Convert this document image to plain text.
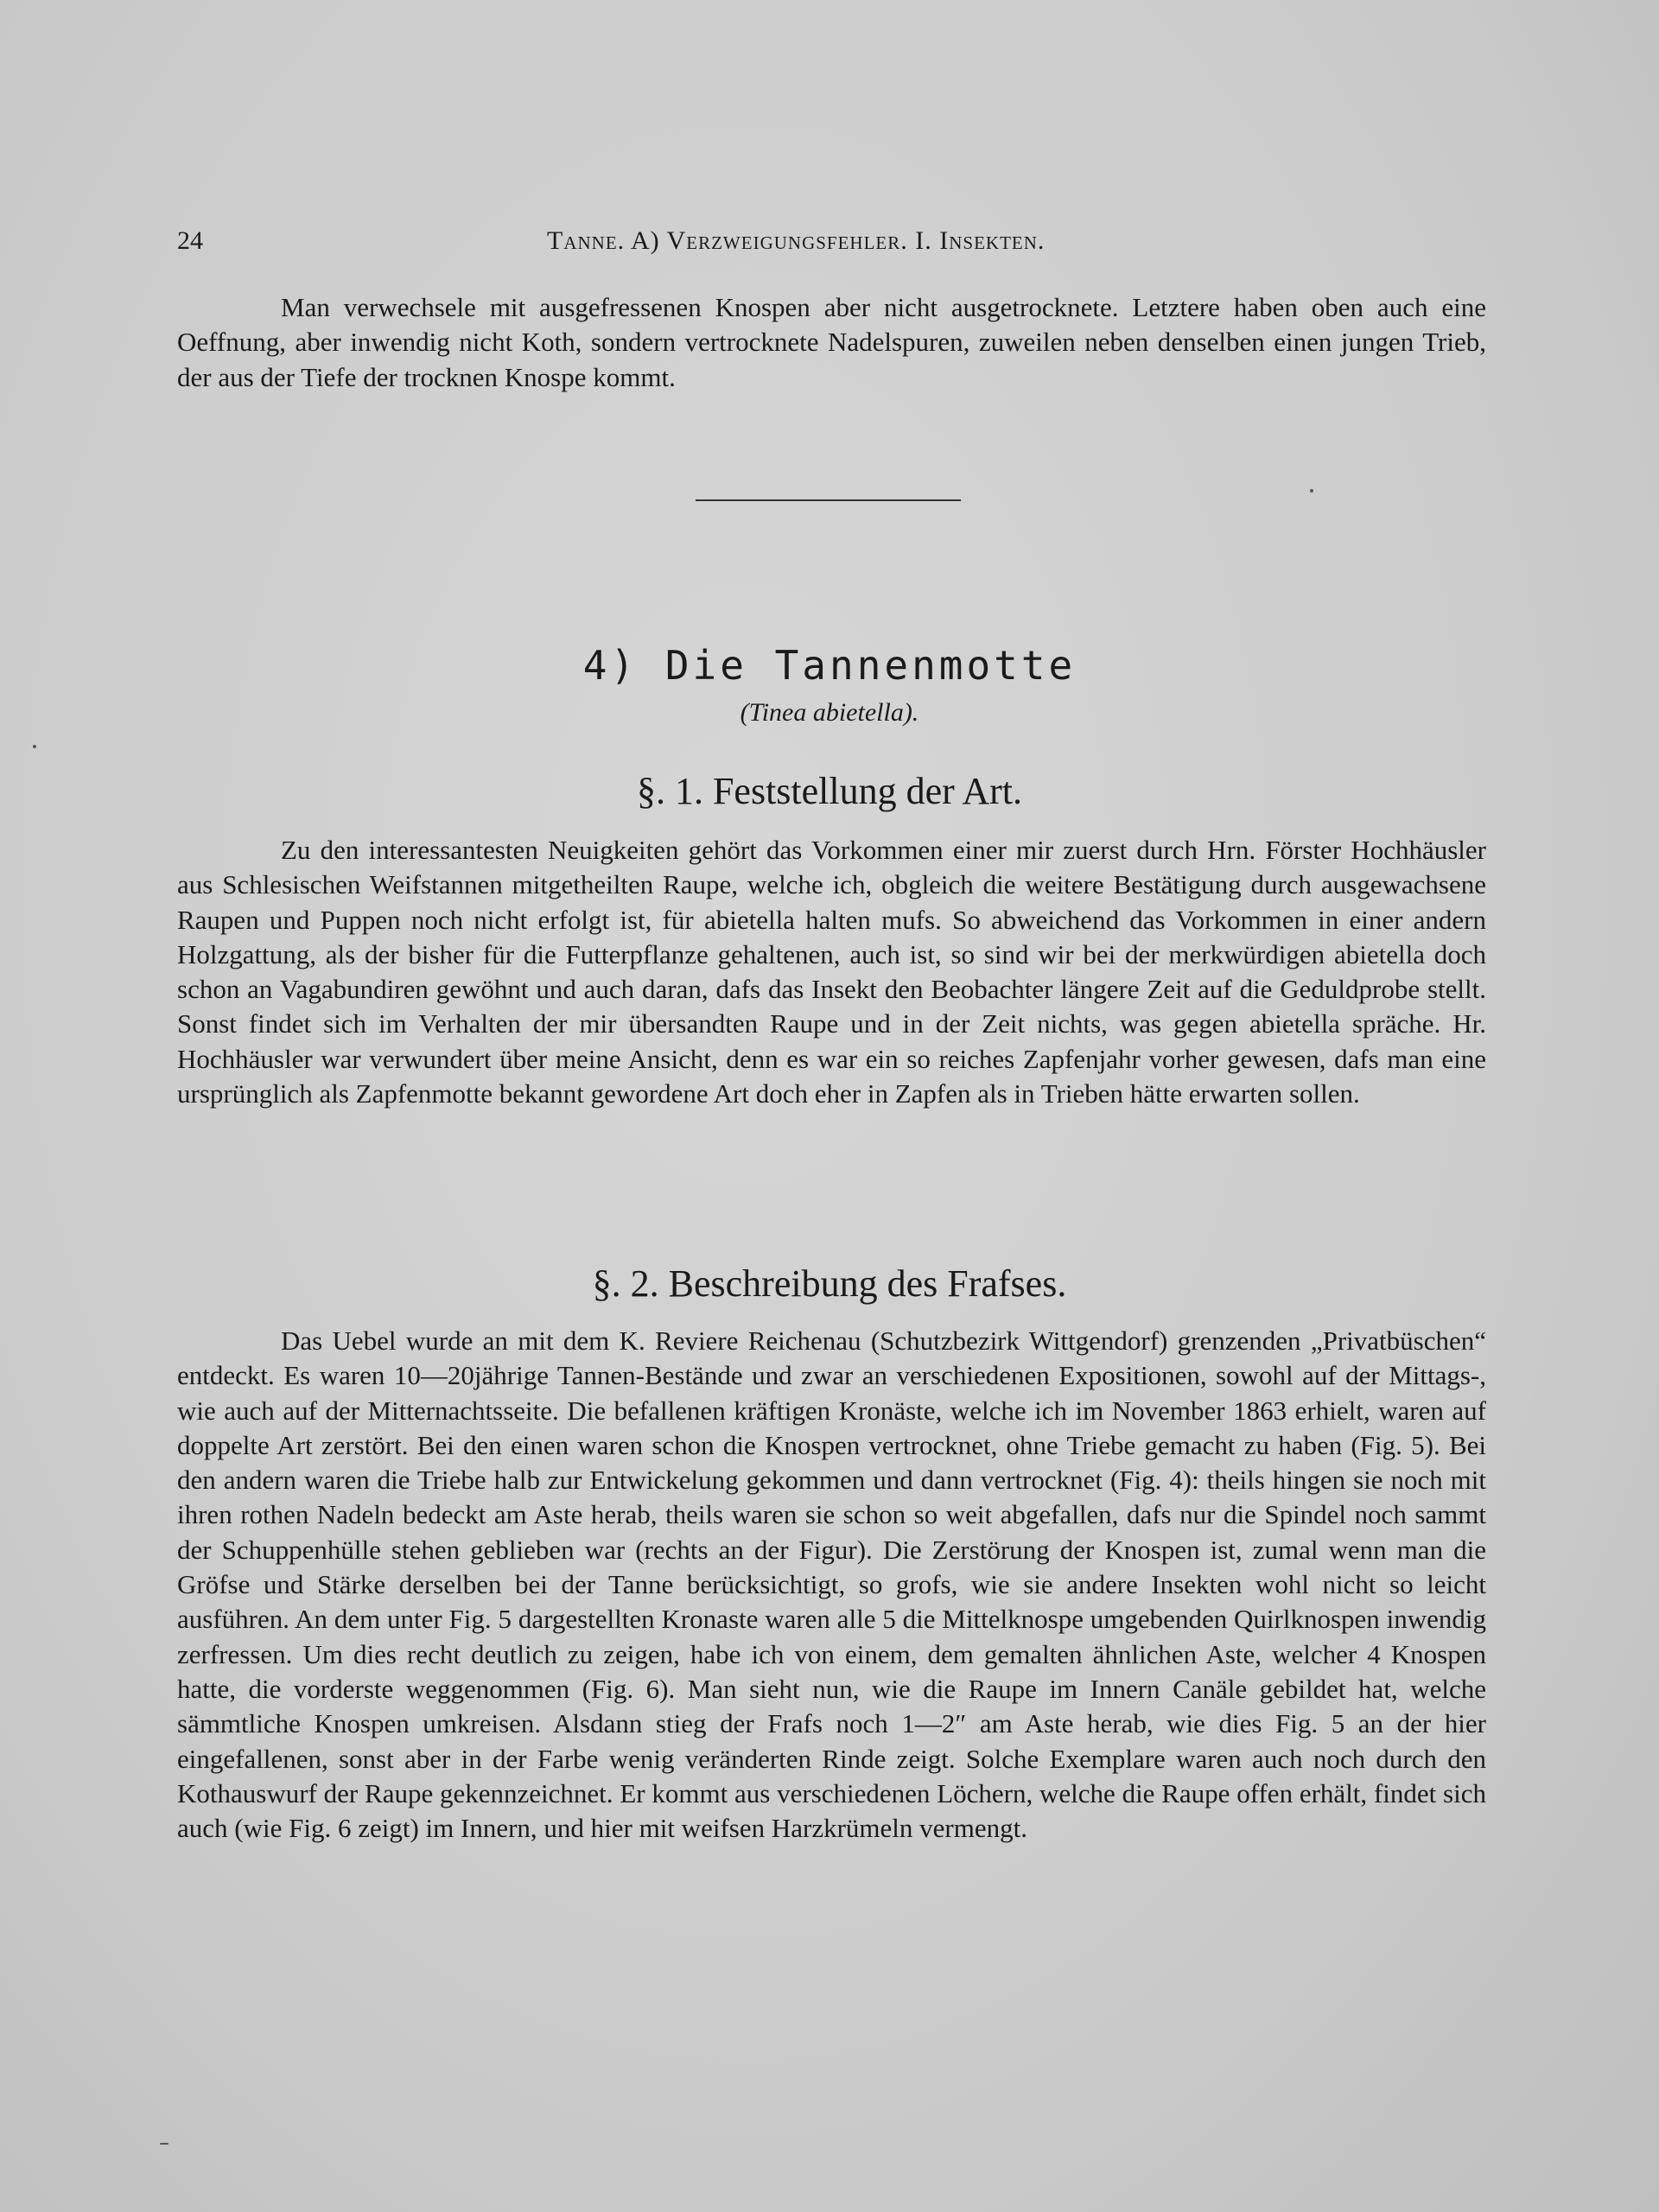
24	Tanne. A) Verzweigungsfehler. I. Insekten.

Man verwechsele mit ausgefressenen Knospen aber nicht ausgetrocknete. Letztere haben oben auch eine Oeffnung, aber inwendig nicht Koth, sondern vertrocknete Nadelspuren, zuweilen neben denselben einen jungen Trieb, der aus der Tiefe der trocknen Knospe kommt.

4) Die Tannenmotte
(Tinea abietella).
§. 1. Feststellung der Art.

Zu den interessantesten Neuigkeiten gehört das Vorkommen einer mir zuerst durch Hrn. Förster Hochhäusler aus Schlesischen Weifstannen mitgetheilten Raupe, welche ich, obgleich die weitere Bestätigung durch ausgewachsene Raupen und Puppen noch nicht erfolgt ist, für abietella halten mufs. So abweichend das Vorkommen in einer andern Holzgattung, als der bisher für die Futterpflanze gehaltenen, auch ist, so sind wir bei der merkwürdigen abietella doch schon an Vagabundiren gewöhnt und auch daran, dafs das Insekt den Beobachter längere Zeit auf die Geduldprobe stellt. Sonst findet sich im Verhalten der mir übersandten Raupe und in der Zeit nichts, was gegen abietella spräche. Hr. Hochhäusler war verwundert über meine Ansicht, denn es war ein so reiches Zapfenjahr vorher gewesen, dafs man eine ursprünglich als Zapfenmotte bekannt gewordene Art doch eher in Zapfen als in Trieben hätte erwarten sollen.

§. 2. Beschreibung des Frafses.

Das Uebel wurde an mit dem K. Reviere Reichenau (Schutzbezirk Wittgendorf) grenzenden „Privatbüschen“ entdeckt. Es waren 10—20jährige Tannen-Bestände und zwar an verschiedenen Expositionen, sowohl auf der Mittags-, wie auch auf der Mitternachtsseite. Die befallenen kräftigen Kronäste, welche ich im November 1863 erhielt, waren auf doppelte Art zerstört. Bei den einen waren schon die Knospen vertrocknet, ohne Triebe gemacht zu haben (Fig. 5). Bei den andern waren die Triebe halb zur Entwickelung gekommen und dann vertrocknet (Fig. 4): theils hingen sie noch mit ihren rothen Nadeln bedeckt am Aste herab, theils waren sie schon so weit abgefallen, dafs nur die Spindel noch sammt der Schuppenhülle stehen geblieben war (rechts an der Figur). Die Zerstörung der Knospen ist, zumal wenn man die Gröfse und Stärke derselben bei der Tanne berücksichtigt, so grofs, wie sie andere Insekten wohl nicht so leicht ausführen. An dem unter Fig. 5 dargestellten Kronaste waren alle 5 die Mittelknospe umgebenden Quirlknospen inwendig zerfressen. Um dies recht deutlich zu zeigen, habe ich von einem, dem gemalten ähnlichen Aste, welcher 4 Knospen hatte, die vorderste weggenommen (Fig. 6). Man sieht nun, wie die Raupe im Innern Canäle gebildet hat, welche sämmtliche Knospen umkreisen. Alsdann stieg der Frafs noch 1—2″ am Aste herab, wie dies Fig. 5 an der hier eingefallenen, sonst aber in der Farbe wenig veränderten Rinde zeigt. Solche Exemplare waren auch noch durch den Kothauswurf der Raupe gekennzeichnet. Er kommt aus verschiedenen Löchern, welche die Raupe offen erhält, findet sich auch (wie Fig. 6 zeigt) im Innern, und hier mit weifsen Harzkrümeln vermengt.
